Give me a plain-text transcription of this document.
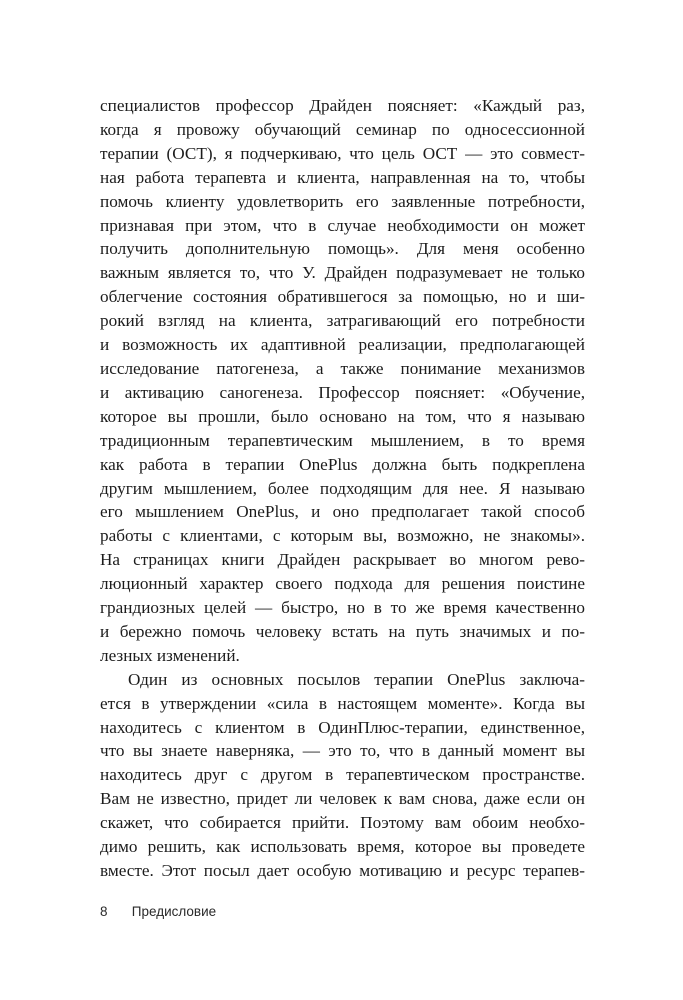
специалистов профессор Драйден поясняет: «Каждый раз,
когда я провожу обучающий семинар по односессионной
терапии (ОСТ), я подчеркиваю, что цель ОСТ — это совмест-
ная работа терапевта и клиента, направленная на то, чтобы
помочь клиенту удовлетворить его заявленные потребности,
признавая при этом, что в случае необходимости он может
получить дополнительную помощь». Для меня особенно
важным является то, что У. Драйден подразумевает не только
облегчение состояния обратившегося за помощью, но и ши-
рокий взгляд на клиента, затрагивающий его потребности
и возможность их адаптивной реализации, предполагающей
исследование патогенеза, а также понимание механизмов
и активацию саногенеза. Профессор поясняет: «Обучение,
которое вы прошли, было основано на том, что я называю
традиционным терапевтическим мышлением, в то время
как работа в терапии OnePlus должна быть подкреплена
другим мышлением, более подходящим для нее. Я называю
его мышлением OnePlus, и оно предполагает такой способ
работы с клиентами, с которым вы, возможно, не знакомы».
На страницах книги Драйден раскрывает во многом рево-
люционный характер своего подхода для решения поистине
грандиозных целей — быстро, но в то же время качественно
и бережно помочь человеку встать на путь значимых и по-
лезных изменений.
Один из основных посылов терапии OnePlus заключа-
ется в утверждении «сила в настоящем моменте». Когда вы
находитесь с клиентом в ОдинПлюс-терапии, единственное,
что вы знаете наверняка, — это то, что в данный момент вы
находитесь друг с другом в терапевтическом пространстве.
Вам не известно, придет ли человек к вам снова, даже если он
скажет, что собирается прийти. Поэтому вам обоим необхо-
димо решить, как использовать время, которое вы проведете
вместе. Этот посыл дает особую мотивацию и ресурс терапев-
8 Предисловие
